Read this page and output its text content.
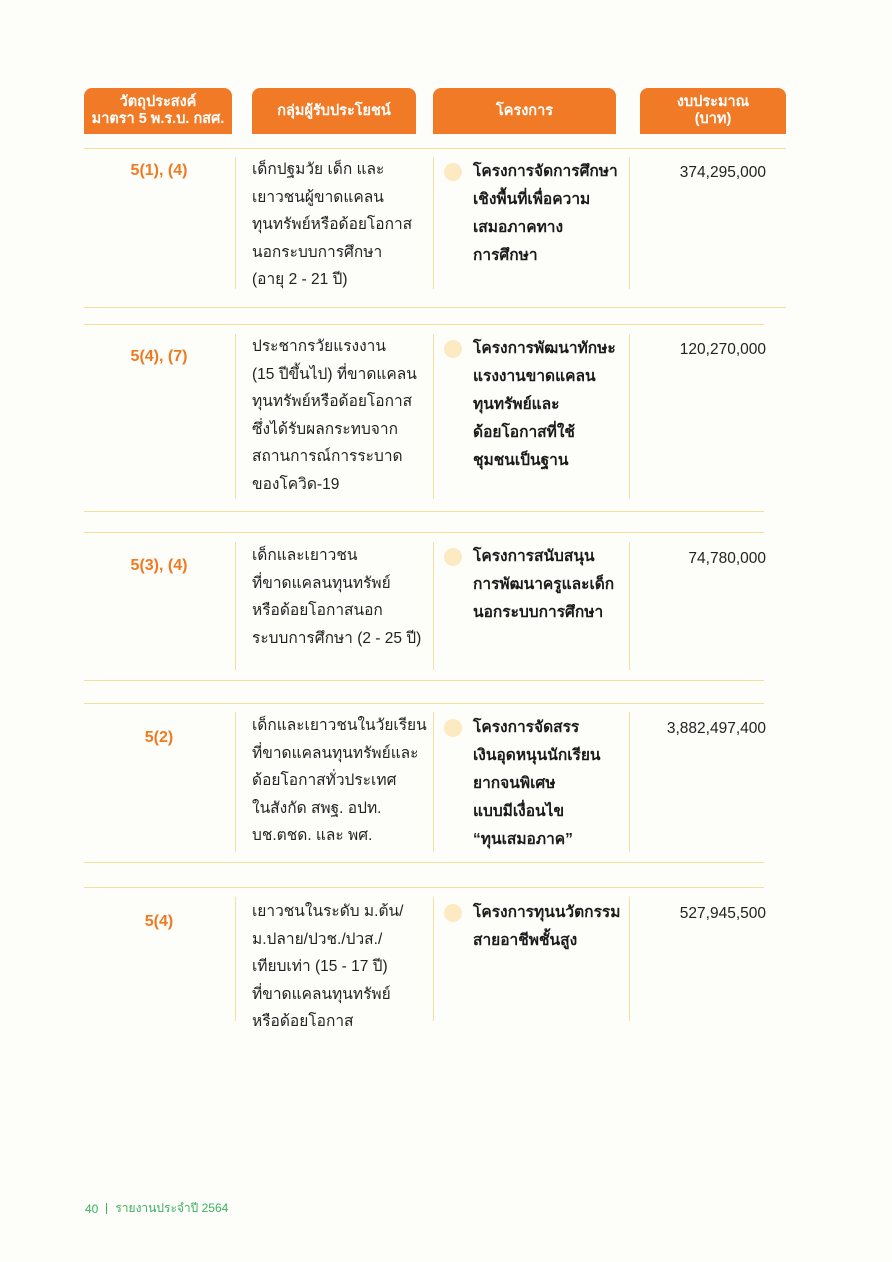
วัตถุประสงค์
มาตรา 5 พ.ร.บ. กสศ.
กลุ่มผู้รับประโยชน์	โครงการ
งบประมาณ
(บาท)
5(1), (4)	เด็กปฐมวัย เด็ก และ
เยาวชนผู้ขาดแคลน
ทุนทรัพย์หรือด้อยโอกาส
นอกระบบการศึกษา
(อายุ 2 - 21 ปี)
โครงการจัดการศึกษา
เชิงพื้นที่เพื่อความ
เสมอภาคทาง
การศึกษา
374,295,000
5(4), (7)
ประชากรวัยแรงงาน
(15 ปีขึ้นไป) ที่ขาดแคลน
ทุนทรัพย์หรือด้อยโอกาส
ซึ่งได้รับผลกระทบจาก
สถานการณ์การระบาด
ของโควิด-19
โครงการพัฒนาทักษะ
แรงงานขาดแคลน
ทุนทรัพย์และ
ด้อยโอกาสที่ใช้
ชุมชนเป็นฐาน
120,270,000
5(3), (4)
เด็กและเยาวชน
ที่ขาดแคลนทุนทรัพย์
หรือด้อยโอกาสนอก
ระบบการศึกษา (2 - 25 ปี)
โครงการสนับสนุน
การพัฒนาครูและเด็ก
นอกระบบการศึกษา
74,780,000
5(2)
เด็กและเยาวชนในวัยเรียน
ที่ขาดแคลนทุนทรัพย์และ
ด้อยโอกาสทั่วประเทศ
ในสังกัด สพฐ. อปท.
บช.ตชด. และ พศ.
โครงการจัดสรร
เงินอุดหนุนนักเรียน
ยากจนพิเศษ
แบบมีเงื่อนไข
“ทุนเสมอภาค”
3,882,497,400
5(4)
เยาวชนในระดับ ม.ต้น/
ม.ปลาย/ปวช./ปวส./
เทียบเท่า (15 - 17 ปี)
ที่ขาดแคลนทุนทรัพย์
หรือด้อยโอกาส
โครงการทุนนวัตกรรม
สายอาชีพชั้นสูง
527,945,500
40 รายงานประจำปี 2564
